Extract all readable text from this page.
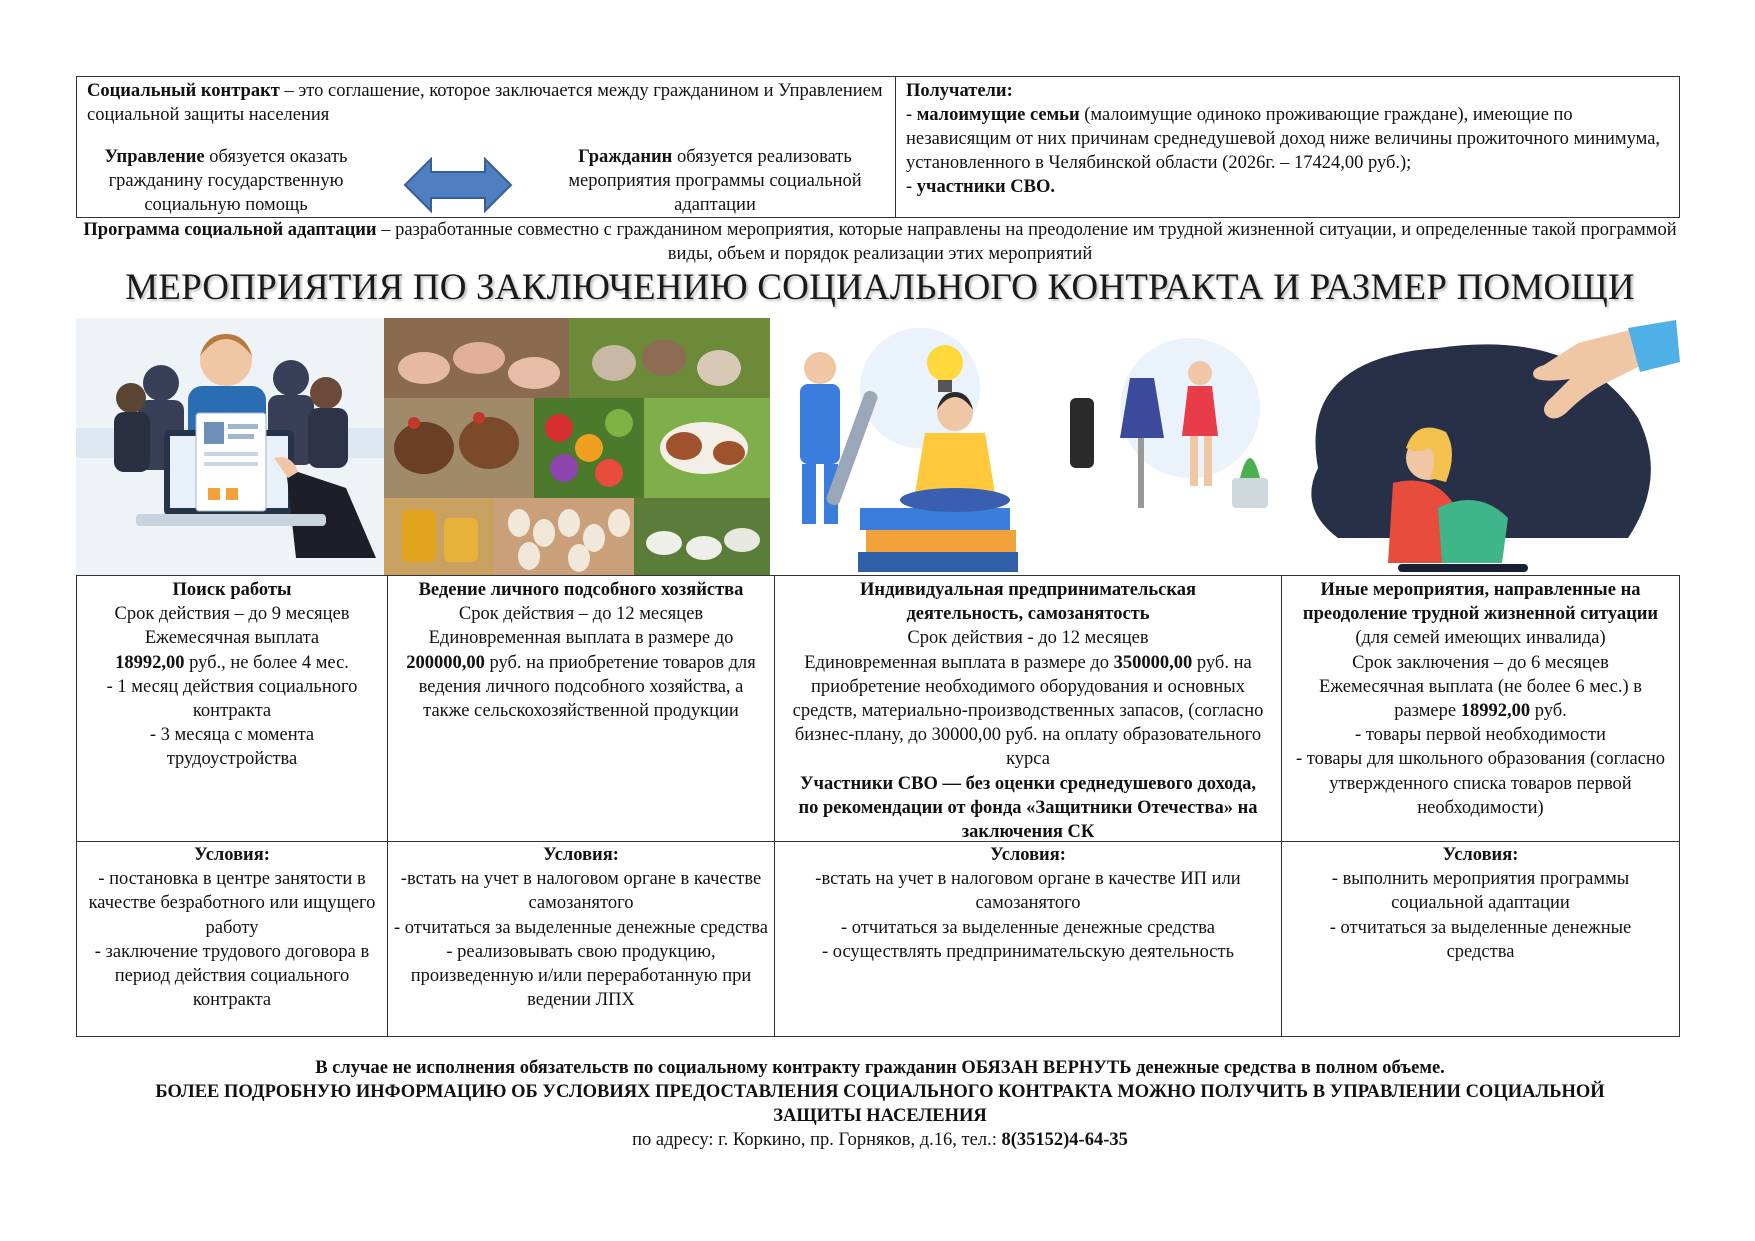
Социальный контракт – это соглашение, которое заключается между гражданином и Управлением социальной защиты населения
Управление обязуется оказать гражданину государственную социальную помощь
Гражданин обязуется реализовать мероприятия программы социальной адаптации
Получатели:
- малоимущие семьи (малоимущие одиноко проживающие граждане), имеющие по независящим от них причинам среднедушевой доход ниже величины прожиточного минимума, установленного в Челябинской области (2026г. – 17424,00 руб.);
- участники СВО.
Программа социальной адаптации – разработанные совместно с гражданином мероприятия, которые направлены на преодоление им трудной жизненной ситуации, и определенные такой программой виды, объем и порядок реализации этих мероприятий
МЕРОПРИЯТИЯ ПО ЗАКЛЮЧЕНИЮ СОЦИАЛЬНОГО КОНТРАКТА И РАЗМЕР ПОМОЩИ
Поиск работы
Срок действия – до 9 месяцев
Ежемесячная выплата
18992,00 руб., не более 4 мес.
- 1 месяц действия социального контракта
- 3 месяца с момента трудоустройства
Ведение личного подсобного хозяйства
Срок действия – до 12 месяцев
Единовременная выплата в размере до 200000,00 руб. на приобретение товаров для ведения личного подсобного хозяйства, а также сельскохозяйственной продукции
Индивидуальная предпринимательская деятельность, самозанятость
Срок действия - до 12 месяцев
Единовременная выплата в размере до 350000,00 руб. на приобретение необходимого оборудования и основных средств, материально-производственных запасов, (согласно бизнес-плану, до 30000,00 руб. на оплату образовательного курса
Участники СВО — без оценки среднедушевого дохода, по рекомендации от фонда «Защитники Отечества» на заключения СК
Иные мероприятия, направленные на преодоление трудной жизненной ситуации (для семей имеющих инвалида)
Срок заключения – до 6 месяцев
Ежемесячная выплата (не более 6 мес.) в размере 18992,00 руб.
- товары первой необходимости
- товары для школьного образования (согласно утвержденного списка товаров первой необходимости)
Условия:
- постановка в центре занятости в качестве безработного или ищущего работу
- заключение трудового договора в период действия социального контракта
Условия:
-встать на учет в налоговом органе в качестве самозанятого
- отчитаться за выделенные денежные средства
- реализовывать свою продукцию, произведенную и/или переработанную при ведении ЛПХ
Условия:
-встать на учет в налоговом органе в качестве ИП или самозанятого
- отчитаться за выделенные денежные средства
- осуществлять предпринимательскую деятельность
Условия:
- выполнить мероприятия программы социальной адаптации
- отчитаться за выделенные денежные средства
В случае не исполнения обязательств по социальному контракту гражданин ОБЯЗАН ВЕРНУТЬ денежные средства в полном объеме.
БОЛЕЕ ПОДРОБНУЮ ИНФОРМАЦИЮ ОБ УСЛОВИЯХ ПРЕДОСТАВЛЕНИЯ СОЦИАЛЬНОГО КОНТРАКТА МОЖНО ПОЛУЧИТЬ В УПРАВЛЕНИИ СОЦИАЛЬНОЙ ЗАЩИТЫ НАСЕЛЕНИЯ
по адресу: г. Коркино, пр. Горняков, д.16, тел.: 8(35152)4-64-35
